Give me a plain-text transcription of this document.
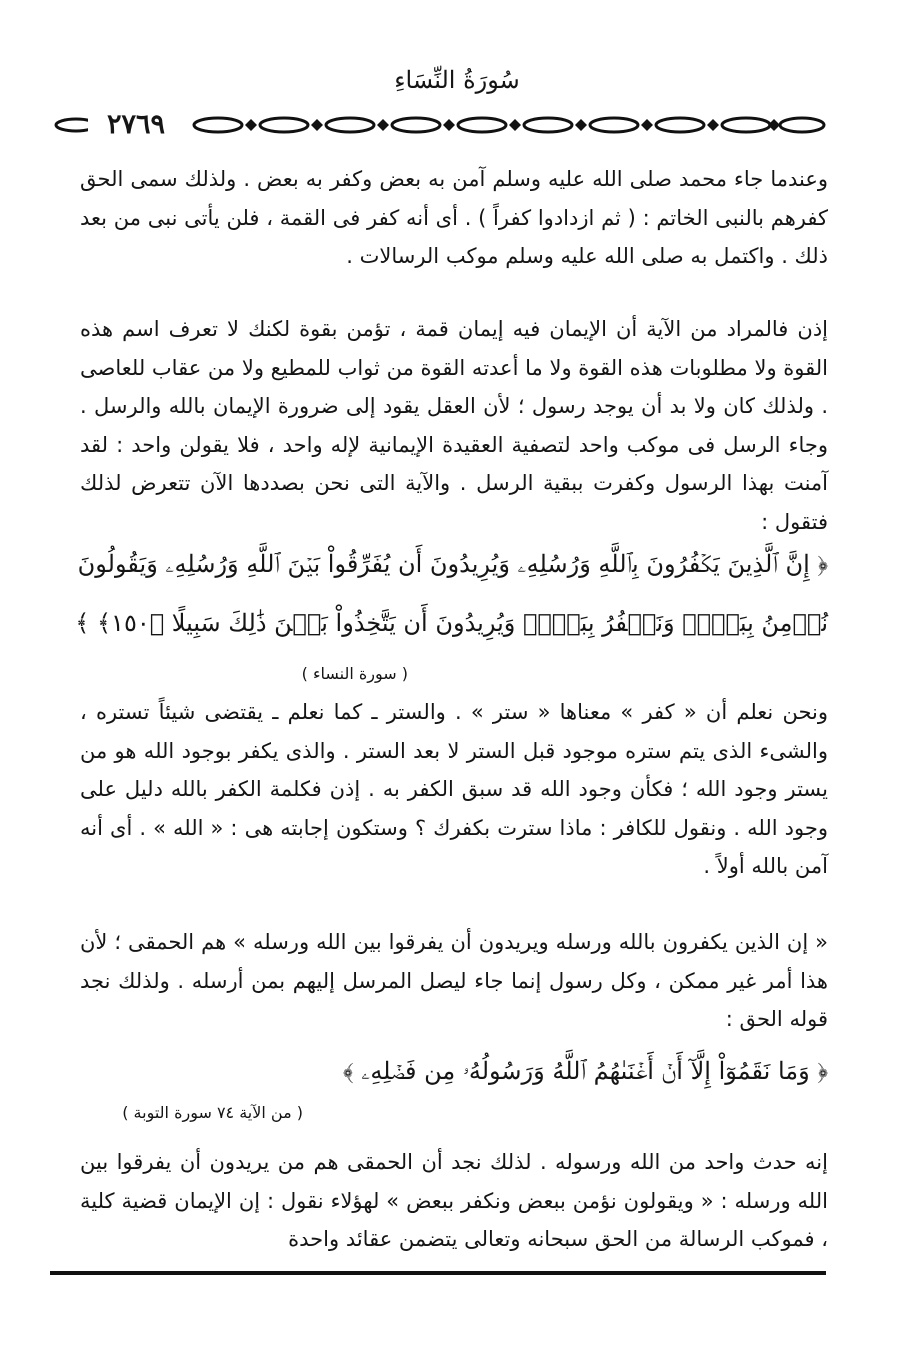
سُورَةُ النِّسَاءِ
٢٧٦٩
وعندما جاء محمد صلى الله عليه وسلم آمن به بعض وكفر به بعض . ولذلك سمى الحق كفرهم بالنبى الخاتم : ( ثم ازدادوا كفراً ) . أى أنه كفر فى القمة ، فلن يأتى نبى من بعد ذلك . واكتمل به صلى الله عليه وسلم موكب الرسالات .
إذن فالمراد من الآية أن الإيمان فيه إيمان قمة ، تؤمن بقوة لكنك لا تعرف اسم هذه القوة ولا مطلوبات هذه القوة ولا ما أعدته القوة من ثواب للمطيع ولا من عقاب للعاصى . ولذلك كان ولا بد أن يوجد رسول ؛ لأن العقل يقود إلى ضرورة الإيمان بالله والرسل . وجاء الرسل فى موكب واحد لتصفية العقيدة الإيمانية لإله واحد ، فلا يقولن واحد : لقد آمنت بهذا الرسول وكفرت ببقية الرسل . والآية التى نحن بصددها الآن تتعرض لذلك فتقول :
﴿ إِنَّ ٱلَّذِينَ يَكۡفُرُونَ بِٱللَّهِ وَرُسُلِهِۦ وَيُرِيدُونَ أَن يُفَرِّقُواْ بَيۡنَ ٱللَّهِ وَرُسُلِهِۦ وَيَقُولُونَ
نُؤۡمِنُ بِبَعۡضٖ وَنَكۡفُرُ بِبَعۡضٖ وَيُرِيدُونَ أَن يَتَّخِذُواْ بَيۡنَ ذَٰلِكَ سَبِيلًا ﴿١٥٠﴾ ﴾
( سورة النساء )
ونحن نعلم أن « كفر » معناها « ستر » . والستر ـ كما نعلم ـ يقتضى شيئاً تستره ، والشىء الذى يتم ستره موجود قبل الستر لا بعد الستر . والذى يكفر بوجود الله هو من يستر وجود الله ؛ فكأن وجود الله قد سبق الكفر به . إذن فكلمة الكفر بالله دليل على وجود الله . ونقول للكافر : ماذا سترت بكفرك ؟ وستكون إجابته هى : « الله » . أى أنه آمن بالله أولاً .
« إن الذين يكفرون بالله ورسله ويريدون أن يفرقوا بين الله ورسله » هم الحمقى ؛ لأن هذا أمر غير ممكن ، وكل رسول إنما جاء ليصل المرسل إليهم بمن أرسله . ولذلك نجد قوله الحق :
﴿ وَمَا نَقَمُوٓاْ إِلَّآ أَنۡ أَغۡنَىٰهُمُ ٱللَّهُ وَرَسُولُهُۥ مِن فَضۡلِهِۦ ﴾
( من الآية ٧٤ سورة التوبة )
إنه حدث واحد من الله ورسوله . لذلك نجد أن الحمقى هم من يريدون أن يفرقوا بين الله ورسله : « ويقولون نؤمن ببعض ونكفر ببعض » لهؤلاء نقول : إن الإيمان قضية كلية ، فموكب الرسالة من الحق سبحانه وتعالى يتضمن عقائد واحدة
